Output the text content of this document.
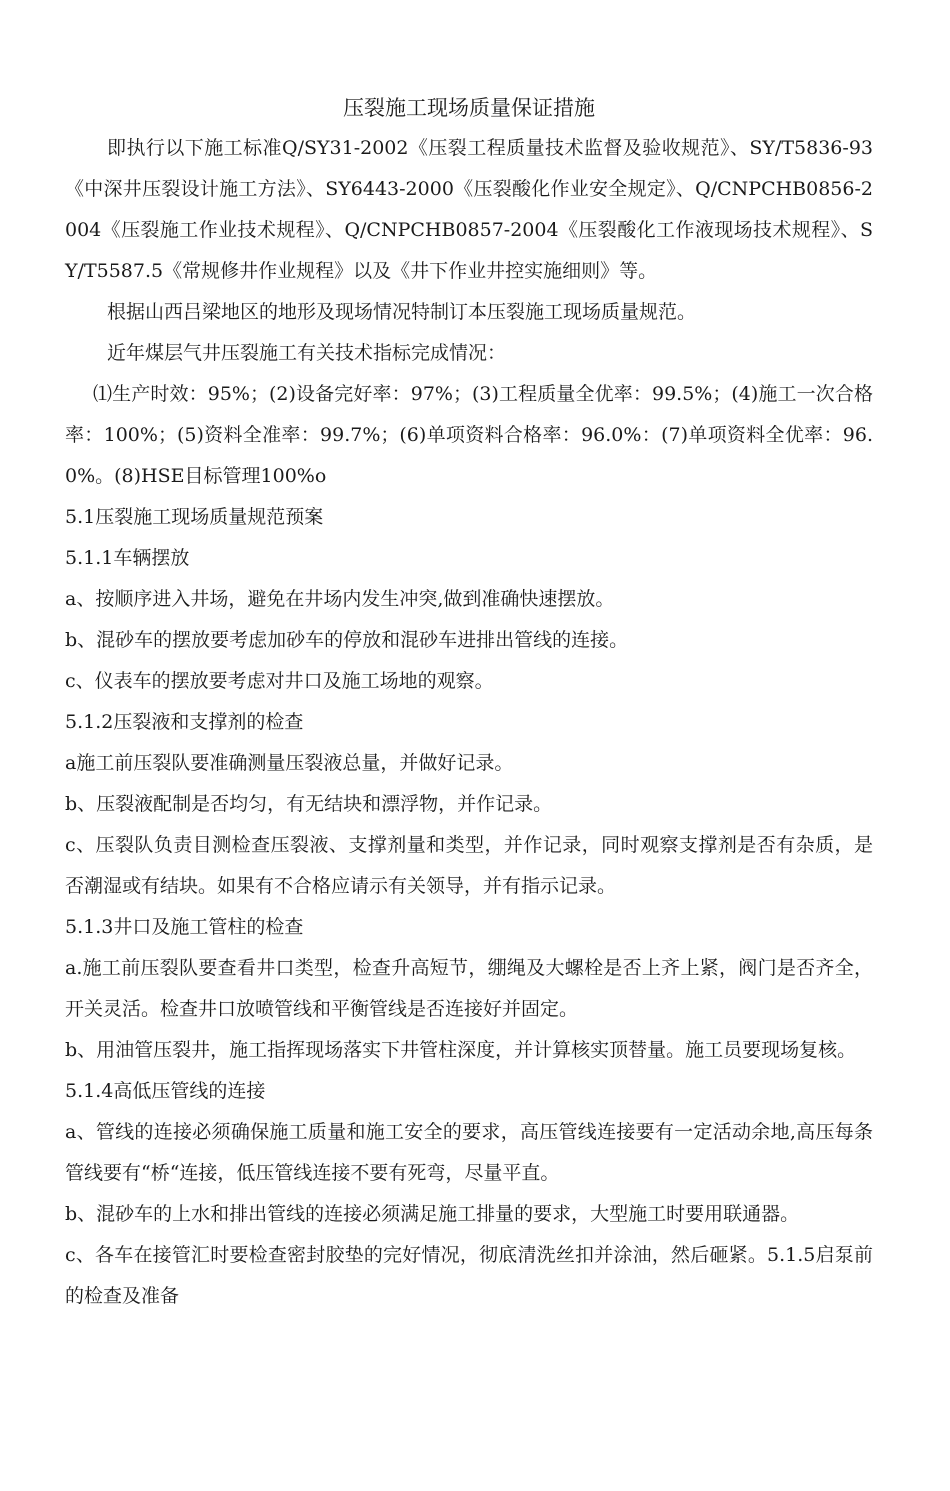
压裂施工现场质量保证措施

即执行以下施工标准Q/SY31-2002《压裂工程质量技术监督及验收规范》、SY/T5836-93《中深井压裂设计施工方法》、SY6443-2000《压裂酸化作业安全规定》、Q/CNPCHB0856-2004《压裂施工作业技术规程》、Q/CNPCHB0857-2004《压裂酸化工作液现场技术规程》、SY/T5587.5《常规修井作业规程》以及《井下作业井控实施细则》等。

根据山西吕梁地区的地形及现场情况特制订本压裂施工现场质量规范。

近年煤层气井压裂施工有关技术指标完成情况：

⑴生产时效：95%；(2)设备完好率：97%；(3)工程质量全优率：99.5%；(4)施工一次合格率：100%；(5)资料全准率：99.7%；(6)单项资料合格率：96.0%：(7)单项资料全优率：96.0%。(8)HSE目标管理100%o

5.1压裂施工现场质量规范预案

5.1.1车辆摆放

a、按顺序进入井场，避免在井场内发生冲突,做到准确快速摆放。

b、混砂车的摆放要考虑加砂车的停放和混砂车进排出管线的连接。

c、仪表车的摆放要考虑对井口及施工场地的观察。

5.1.2压裂液和支撑剂的检查

a施工前压裂队要准确测量压裂液总量，并做好记录。

b、压裂液配制是否均匀，有无结块和漂浮物，并作记录。

c、压裂队负责目测检查压裂液、支撑剂量和类型，并作记录，同时观察支撑剂是否有杂质，是否潮湿或有结块。如果有不合格应请示有关领导，并有指示记录。

5.1.3井口及施工管柱的检查

a.施工前压裂队要查看井口类型，检查升高短节，绷绳及大螺栓是否上齐上紧，阀门是否齐全，开关灵活。检查井口放喷管线和平衡管线是否连接好并固定。

b、用油管压裂井，施工指挥现场落实下井管柱深度，并计算核实顶替量。施工员要现场复核。

5.1.4高低压管线的连接

a、管线的连接必须确保施工质量和施工安全的要求，高压管线连接要有一定活动余地,高压每条管线要有“桥“连接，低压管线连接不要有死弯，尽量平直。

b、混砂车的上水和排出管线的连接必须满足施工排量的要求，大型施工时要用联通器。

c、各车在接管汇时要检查密封胶垫的完好情况，彻底清洗丝扣并涂油，然后砸紧。5.1.5启泵前的检查及准备
